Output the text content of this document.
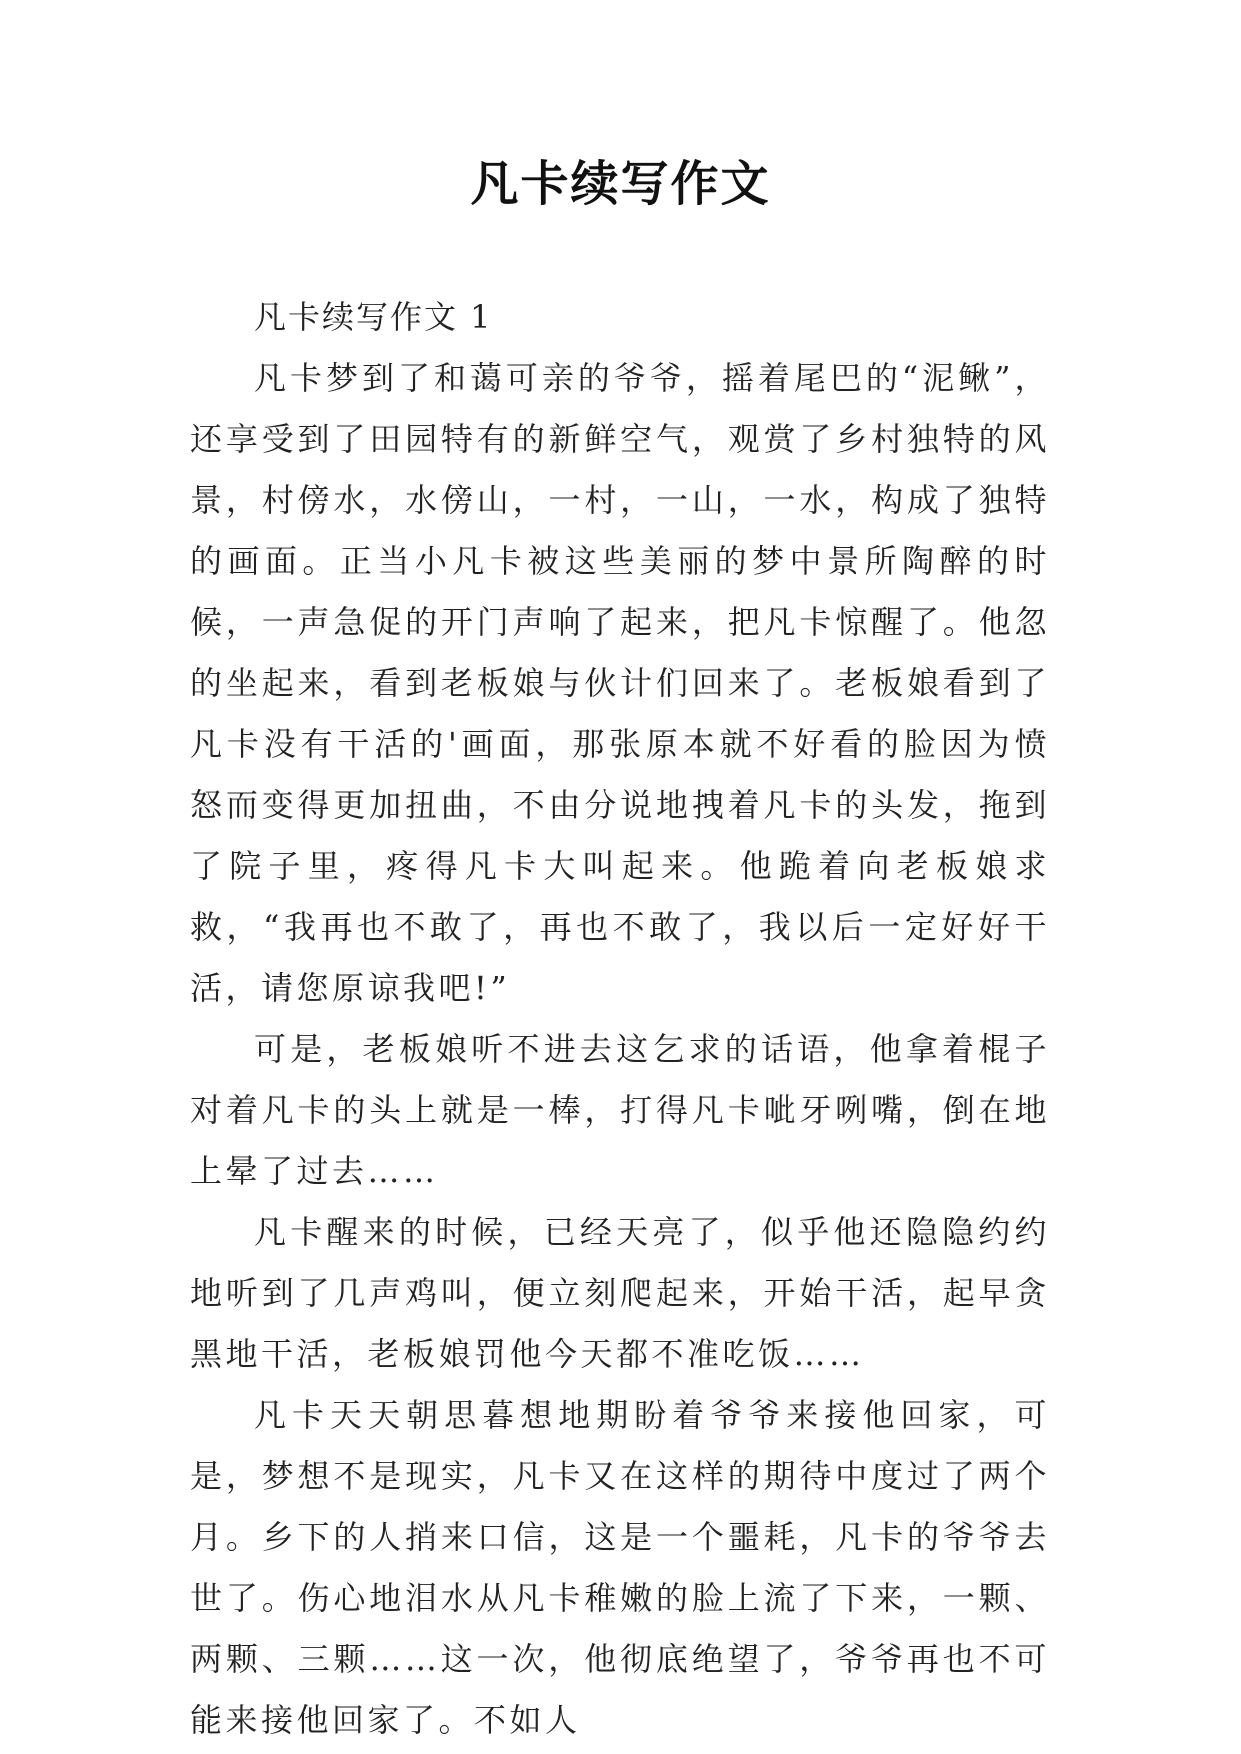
凡卡续写作文

凡卡续写作文 1

凡卡梦到了和蔼可亲的爷爷，摇着尾巴的“泥鳅”，还享受到了田园特有的新鲜空气，观赏了乡村独特的风景，村傍水，水傍山，一村，一山，一水，构成了独特的画面。正当小凡卡被这些美丽的梦中景所陶醉的时候，一声急促的开门声响了起来，把凡卡惊醒了。他忽的坐起来，看到老板娘与伙计们回来了。老板娘看到了凡卡没有干活的'画面，那张原本就不好看的脸因为愤怒而变得更加扭曲，不由分说地拽着凡卡的头发，拖到了院子里，疼得凡卡大叫起来。他跪着向老板娘求救，“我再也不敢了，再也不敢了，我以后一定好好干活，请您原谅我吧!”

可是，老板娘听不进去这乞求的话语，他拿着棍子对着凡卡的头上就是一棒，打得凡卡呲牙咧嘴，倒在地上晕了过去……

凡卡醒来的时候，已经天亮了，似乎他还隐隐约约地听到了几声鸡叫，便立刻爬起来，开始干活，起早贪黑地干活，老板娘罚他今天都不准吃饭……

凡卡天天朝思暮想地期盼着爷爷来接他回家，可是，梦想不是现实，凡卡又在这样的期待中度过了两个月。乡下的人捎来口信，这是一个噩耗，凡卡的爷爷去世了。伤心地泪水从凡卡稚嫩的脸上流了下来，一颗、两颗、三颗……这一次，他彻底绝望了，爷爷再也不可能来接他回家了。不如人
